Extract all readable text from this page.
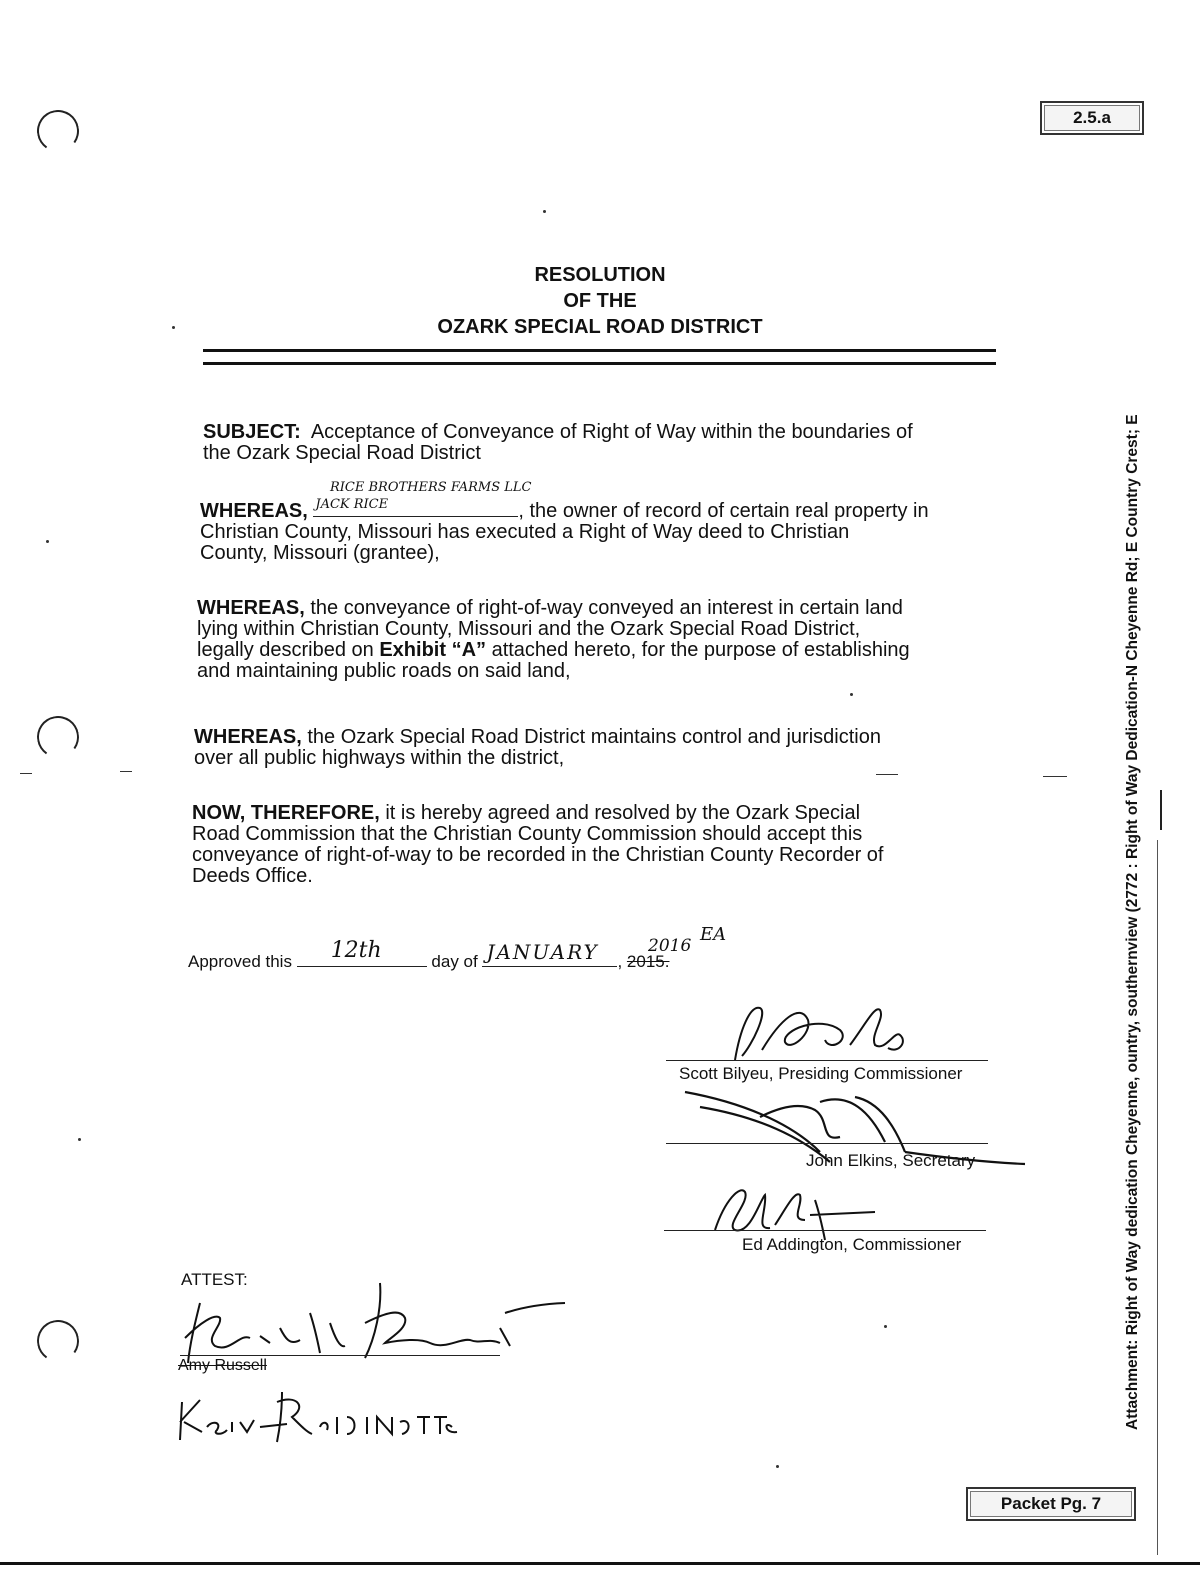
2.5.a
Attachment: Right of Way dedication Cheyenne, ountry, southernview (2772 : Right of Way Dedication-N Cheyenne Rd; E Country Crest; E
RESOLUTION
OF THE
OZARK SPECIAL ROAD DISTRICT
SUBJECT: Acceptance of Conveyance of Right of Way within the boundaries of
the Ozark Special Road District
RICE BROTHERS FARMS LLC
WHEREAS, JACK RICE	, the owner of record of certain real property in
Christian County, Missouri has executed a Right of Way deed to Christian
County, Missouri (grantee),
WHEREAS, the conveyance of right-of-way conveyed an interest in certain land
lying within Christian County, Missouri and the Ozark Special Road District,
legally described on Exhibit “A” attached hereto, for the purpose of establishing
and maintaining public roads on said land,
WHEREAS, the Ozark Special Road District maintains control and jurisdiction
over all public highways within the district,
NOW, THEREFORE, it is hereby agreed and resolved by the Ozark Special
Road Commission that the Christian County Commission should accept this
conveyance of right-of-way to be recorded in the Christian County Recorder of
Deeds Office.
Approved this 12th	day of JANUARY , 2015.
2016
EA
Scott Bilyeu, Presiding Commissioner
John Elkins, Secretary
Ed Addington, Commissioner
ATTEST:
Amy Russell
Packet Pg. 7
